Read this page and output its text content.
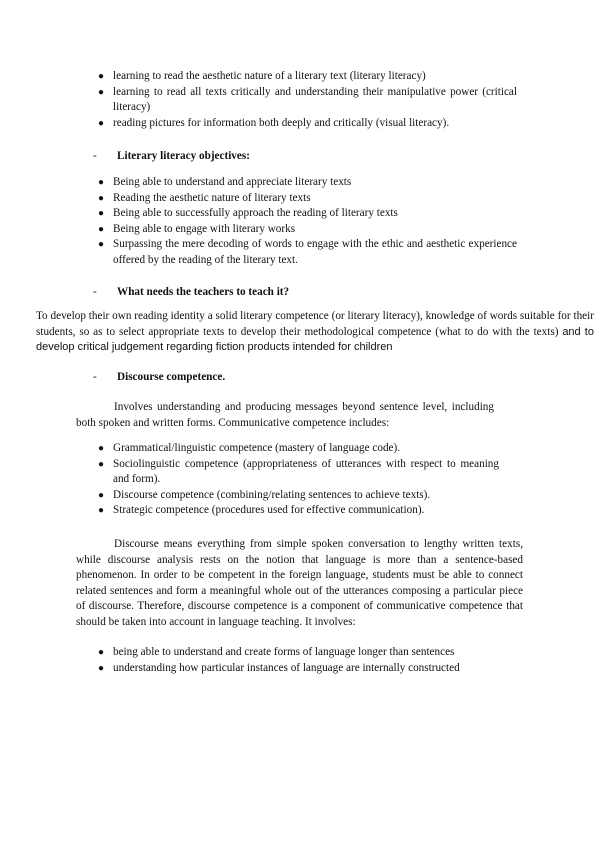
● learning to read the aesthetic nature of a literary text (literary literacy)
● learning to read all texts critically and understanding their manipulative power (critical literacy)
● reading pictures for information both deeply and critically (visual literacy).
- Literary literacy objectives:
● Being able to understand and appreciate literary texts
● Reading the aesthetic nature of literary texts
● Being able to successfully approach the reading of literary texts
● Being able to engage with literary works
● Surpassing the mere decoding of words to engage with the ethic and aesthetic experience offered by the reading of the literary text.
- What needs the teachers to teach it?

To develop their own reading identity a solid literary competence (or literary literacy), knowledge of words suitable for their students, so as to select appropriate texts to develop their methodological competence (what to do with the texts) and to develop critical judgement regarding fiction products intended for children

- Discourse competence.

Involves understanding and producing messages beyond sentence level, including both spoken and written forms. Communicative competence includes:

● Grammatical/linguistic competence (mastery of language code).
● Sociolinguistic competence (appropriateness of utterances with respect to meaning and form).
● Discourse competence (combining/relating sentences to achieve texts).
● Strategic competence (procedures used for effective communication).

Discourse means everything from simple spoken conversation to lengthy written texts, while discourse analysis rests on the notion that language is more than a sentence-based phenomenon. In order to be competent in the foreign language, students must be able to connect related sentences and form a meaningful whole out of the utterances composing a particular piece of discourse. Therefore, discourse competence is a component of communicative competence that should be taken into account in language teaching. It involves:

● being able to understand and create forms of language longer than sentences
● understanding how particular instances of language are internally constructed
